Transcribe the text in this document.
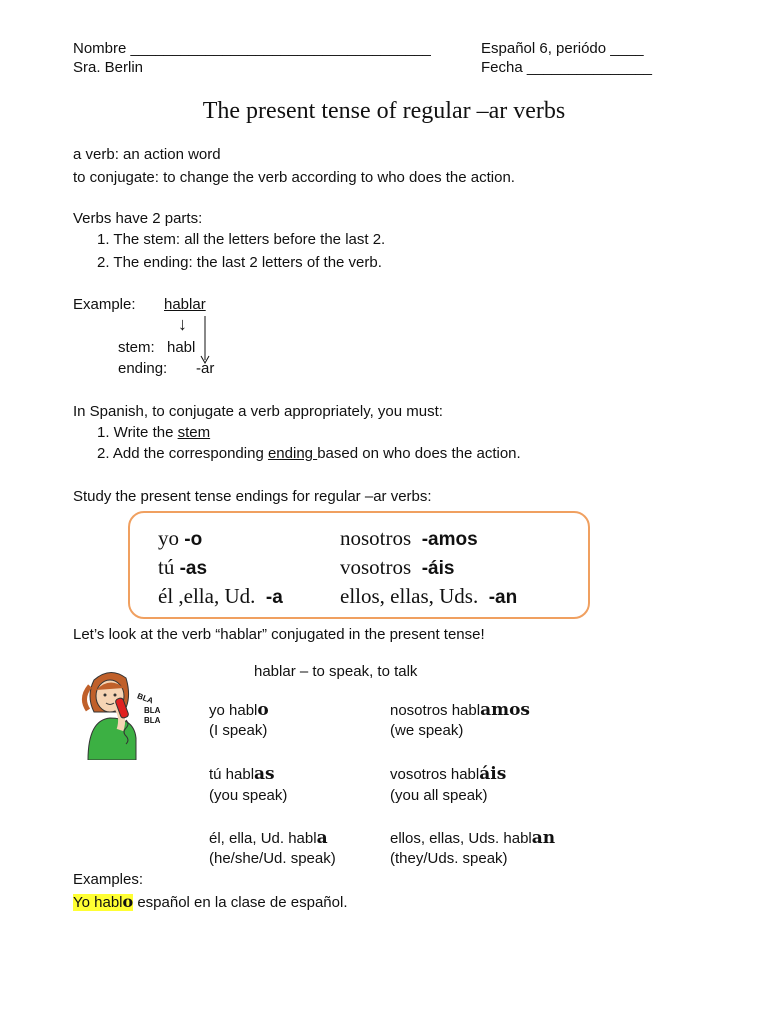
Nombre ____________________________________
Sra. Berlin
Español 6, periódo ____
Fecha _______________
The present tense of regular –ar verbs
a verb: an action word
to conjugate: to change the verb according to who does the action.
Verbs have 2 parts:
1. The stem: all the letters before the last 2.
2. The ending: the last 2 letters of the verb.
Example: hablar
↓
stem: habl
ending: -ar
In Spanish, to conjugate a verb appropriately, you must:
1. Write the stem
2. Add the corresponding ending based on who does the action.
Study the present tense endings for regular –ar verbs:
yo -o
tú -as
él ,ella, Ud. -a
nosotros -amos
vosotros -áis
ellos, ellas, Uds. -an
Let’s look at the verb “hablar” conjugated in the present tense!
hablar – to speak, to talk
BLA
BLA
BLA
yo hablo
(I speak)
tú hablas
(you speak)
él, ella, Ud. habla
(he/she/Ud. speak)
nosotros hablamos
(we speak)
vosotros habláis
(you all speak)
ellos, ellas, Uds. hablan
(they/Uds. speak)
Examples:
Yo hablo español en la clase de español.
